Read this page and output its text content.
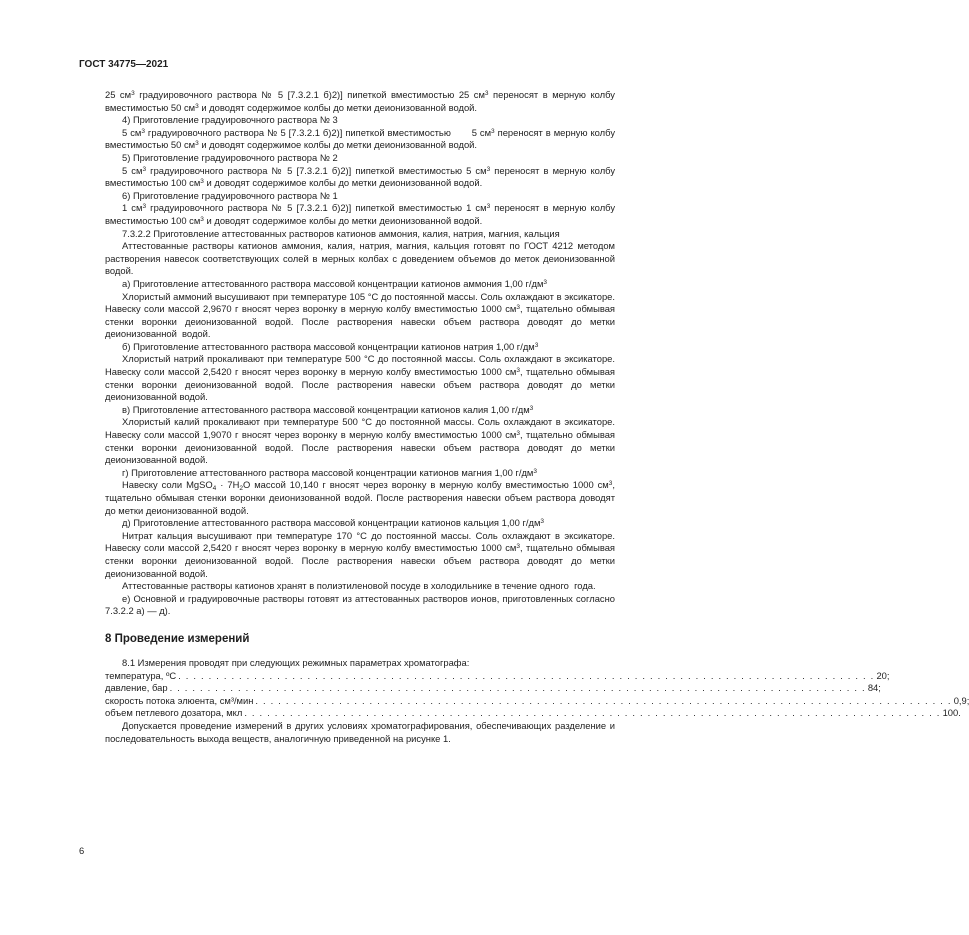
ГОСТ 34775—2021
25 $см^3$ градуировочного раствора № 5 [7.3.2.1 б)2)] пипеткой вместимостью 25 $см^3$ переносят в мерную колбу вместимостью 50 $см^3$ и доводят содержимое колбы до метки деионизованной водой.
4) Приготовление градуировочного раствора № 3
5 $см^3$ градуировочного раствора № 5 [7.3.2.1 б)2)] пипеткой вместимостью       5 $см^3$ переносят в мерную колбу вместимостью 50 $см^3$ и доводят содержимое колбы до метки деионизованной водой.
5) Приготовление градуировочного раствора № 2
5 $см^3$ градуировочного раствора № 5 [7.3.2.1 б)2)] пипеткой вместимостью 5 $см^3$ переносят в мерную колбу вместимостью 100 $см^3$ и доводят содержимое колбы до метки деионизованной водой.
6) Приготовление градуировочного раствора № 1
1 $см^3$ градуировочного раствора № 5 [7.3.2.1 б)2)] пипеткой вместимостью 1 $см^3$ переносят в мерную колбу вместимостью 100 $см^3$ и доводят содержимое колбы до метки деионизованной водой.
7.3.2.2 Приготовление аттестованных растворов катионов аммония, калия, натрия, магния, кальция
Аттестованные растворы катионов аммония, калия, натрия, магния, кальция готовят по ГОСТ 4212 методом растворения навесок соответствующих солей в мерных колбах с доведением объемов до меток деионизованной водой.
а) Приготовление аттестованного раствора массовой концентрации катионов аммония 1,00 $г/дм^3$
Хлористый аммоний высушивают при температуре 105 °С до постоянной массы. Соль охлаждают в эксикаторе. Навеску соли массой 2,9670 г вносят через воронку в мерную колбу вместимостью 1000 $см^3$, тщательно обмывая стенки воронки деионизованной водой. После растворения навески объем раствора доводят до метки деионизованной  водой.
б) Приготовление аттестованного раствора массовой концентрации катионов натрия 1,00 $г/дм^3$
Хлористый натрий прокаливают при температуре 500 °С до постоянной массы. Соль охлаждают в эксикаторе. Навеску соли массой 2,5420 г вносят через воронку в мерную колбу вместимостью 1000 $см^3$, тщательно обмывая стенки воронки деионизованной водой. После растворения навески объем раствора доводят до метки деионизованной водой.
в) Приготовление аттестованного раствора массовой концентрации катионов калия 1,00 $г/дм^3$
Хлористый калий прокаливают при температуре 500 °С до постоянной массы. Соль охлаждают в эксикаторе. Навеску соли массой 1,9070 г вносят через воронку в мерную колбу вместимостью 1000 $см^3$, тщательно обмывая стенки воронки деионизованной водой. После растворения навески объем раствора доводят до метки деионизованной водой.
г) Приготовление аттестованного раствора массовой концентрации катионов магния 1,00 $г/дм^3$
Навеску соли MgSO$_4$ · $7H_2O$ массой 10,140 г вносят через воронку в мерную колбу вместимостью 1000 $см^3$, тщательно обмывая стенки воронки деионизованной водой. После растворения навески объем раствора доводят до метки деионизованной водой.
д) Приготовление аттестованного раствора массовой концентрации катионов кальция 1,00 $г/дм^3$
Нитрат кальция высушивают при температуре 170 °С до постоянной массы. Соль охлаждают в эксикаторе. Навеску соли массой 2,5420 г вносят через воронку в мерную колбу вместимостью 1000 $см^3$, тщательно обмывая стенки воронки деионизованной водой. После растворения навески объем раствора доводят до метки деионизованной водой.
Аттестованные растворы катионов хранят в полиэтиленовой посуде в холодильнике в течение одного  года.
е) Основной и градуировочные растворы готовят из аттестованных растворов ионов, приготовленных согласно 7.3.2.2 а) — д).
8 Проведение измерений
8.1 Измерения проводят при следующих режимных параметрах хроматографа:
температура, ºС . . . . . . . . . . . . . . . . . . . . . . . . . . . . . . . . . . . . . . . . . . . . . . . . . . . . . . . . . . . . . . . . . . . . . . . . . . . . . . . . . . . . . . . . . . . . 20;
давление, бар . . . . . . . . . . . . . . . . . . . . . . . . . . . . . . . . . . . . . . . . . . . . . . . . . . . . . . . . . . . . . . . . . . . . . . . . . . . . . . . . . . . . . . . . . . . . 84;
скорость потока элюента, см³/мин . . . . . . . . . . . . . . . . . . . . . . . . . . . . . . . . . . . . . . . . . . . . . . . . . . . . . . . . . . . . . . . . . . . . . . . . . . . . . . . . . . . . . . . . . . . . 0,9;
объем петлевого дозатора, мкл . . . . . . . . . . . . . . . . . . . . . . . . . . . . . . . . . . . . . . . . . . . . . . . . . . . . . . . . . . . . . . . . . . . . . . . . . . . . . . . . . . . . . . . . . . . . 100.
Допускается проведение измерений в других условиях хроматографирования, обеспечивающих разделение и последовательность выхода веществ, аналогичную приведенной на рисунке 1.
6
